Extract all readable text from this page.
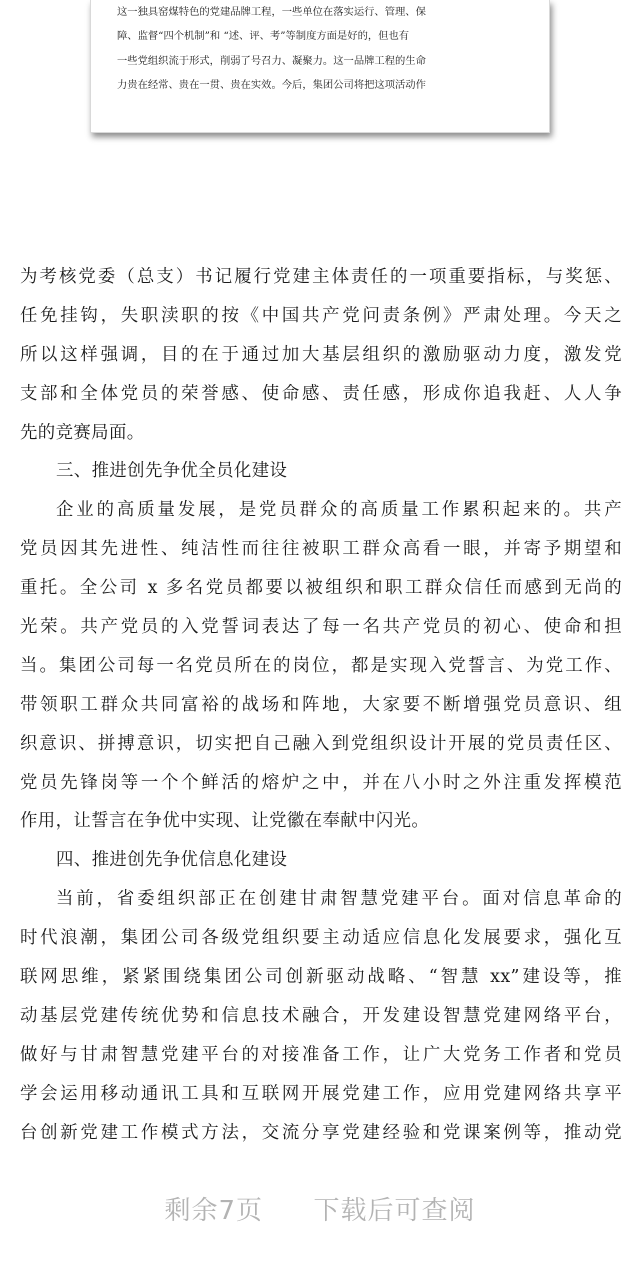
这一独具窑煤特色的党建品牌工程，一些单位在落实运行、管理、保
障、监督“四个机制”和 “述、评、考”等制度方面是好的，但也有
一些党组织流于形式，削弱了号召力、凝聚力。这一品牌工程的生命
力贵在经常、贵在一贯、贵在实效。今后，集团公司将把这项活动作
为考核党委（总支）书记履行党建主体责任的一项重要指标，与奖惩、
任免挂钩，失职渎职的按《中国共产党问责条例》严肃处理。今天之
所以这样强调，目的在于通过加大基层组织的激励驱动力度，激发党
支部和全体党员的荣誉感、使命感、责任感，形成你追我赶、人人争
先的竞赛局面。
三、推进创先争优全员化建设
企业的高质量发展，是党员群众的高质量工作累积起来的。共产
党员因其先进性、纯洁性而往往被职工群众高看一眼，并寄予期望和
重托。全公司 x 多名党员都要以被组织和职工群众信任而感到无尚的
光荣。共产党员的入党誓词表达了每一名共产党员的初心、使命和担
当。集团公司每一名党员所在的岗位，都是实现入党誓言、为党工作、
带领职工群众共同富裕的战场和阵地，大家要不断增强党员意识、组
织意识、拼搏意识，切实把自己融入到党组织设计开展的党员责任区、
党员先锋岗等一个个鲜活的熔炉之中，并在八小时之外注重发挥模范
作用，让誓言在争优中实现、让党徽在奉献中闪光。
四、推进创先争优信息化建设
当前，省委组织部正在创建甘肃智慧党建平台。面对信息革命的
时代浪潮，集团公司各级党组织要主动适应信息化发展要求，强化互
联网思维，紧紧围绕集团公司创新驱动战略、“智慧 xx”建设等，推
动基层党建传统优势和信息技术融合，开发建设智慧党建网络平台，
做好与甘肃智慧党建平台的对接准备工作，让广大党务工作者和党员
学会运用移动通讯工具和互联网开展党建工作，应用党建网络共享平
台创新党建工作模式方法，交流分享党建经验和党课案例等，推动党
剩余7页 下载后可查阅
